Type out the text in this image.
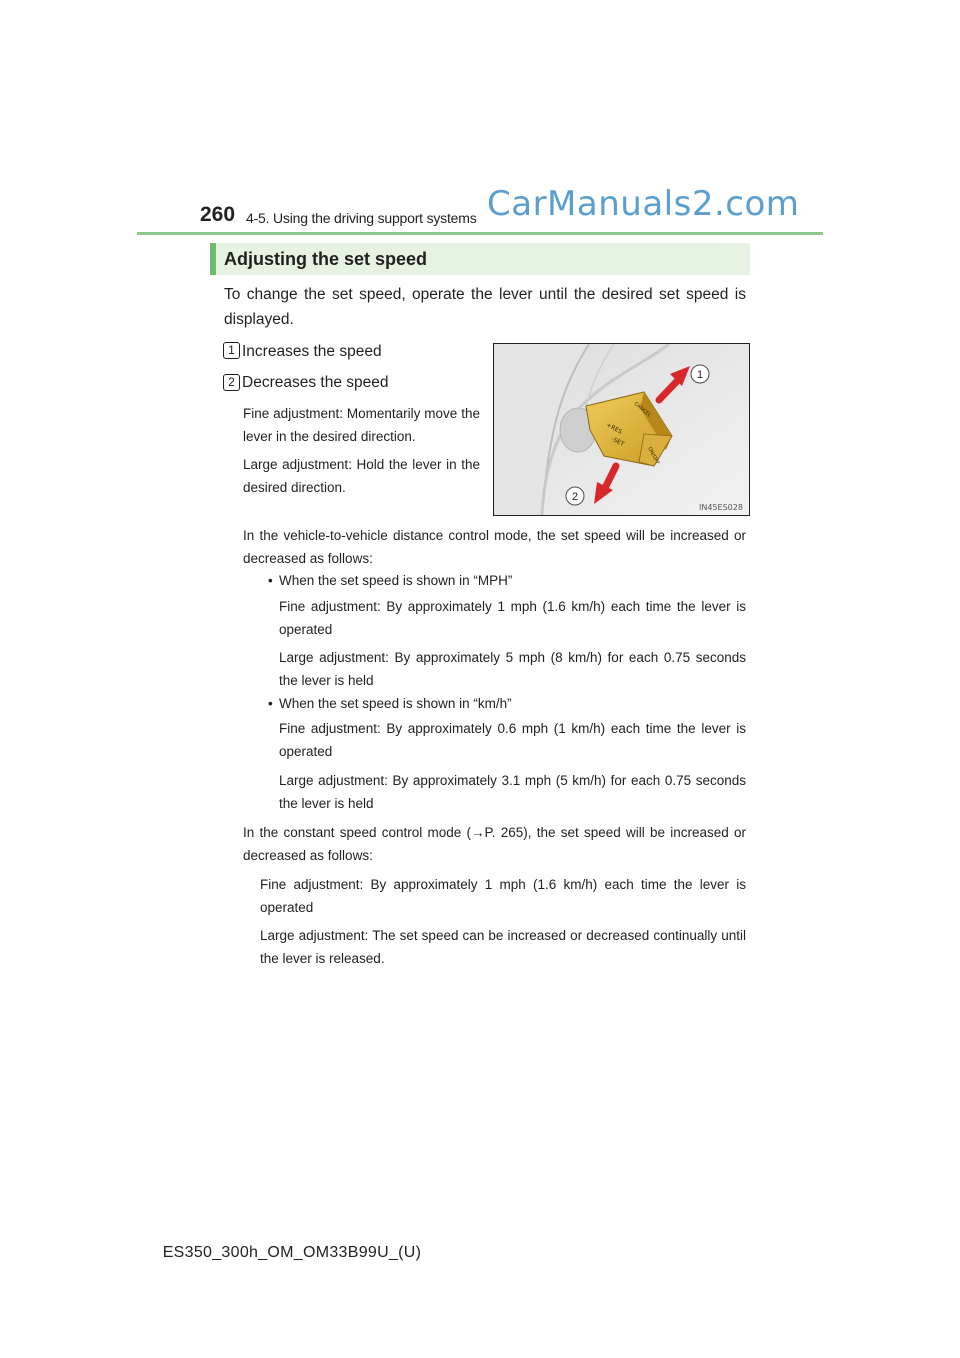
260 4-5. Using the driving support systems CarManuals2.com
Adjusting the set speed
To change the set speed, operate the lever until the desired set speed is displayed.
1 Increases the speed
2 Decreases the speed
Fine adjustment: Momentarily move the lever in the desired direction.
Large adjustment: Hold the lever in the desired direction.
+RES
-SET
CANCEL
ON/OFF
1
2
IN45ES028
In the vehicle-to-vehicle distance control mode, the set speed will be increased or decreased as follows:
• When the set speed is shown in “MPH”
Fine adjustment: By approximately 1 mph (1.6 km/h) each time the lever is operated
Large adjustment: By approximately 5 mph (8 km/h) for each 0.75 seconds the lever is held
• When the set speed is shown in “km/h”
Fine adjustment: By approximately 0.6 mph (1 km/h) each time the lever is operated
Large adjustment: By approximately 3.1 mph (5 km/h) for each 0.75 seconds the lever is held
In the constant speed control mode (→P. 265), the set speed will be increased or decreased as follows:
Fine adjustment: By approximately 1 mph (1.6 km/h) each time the lever is operated
Large adjustment: The set speed can be increased or decreased continually until the lever is released.
ES350_300h_OM_OM33B99U_(U)
